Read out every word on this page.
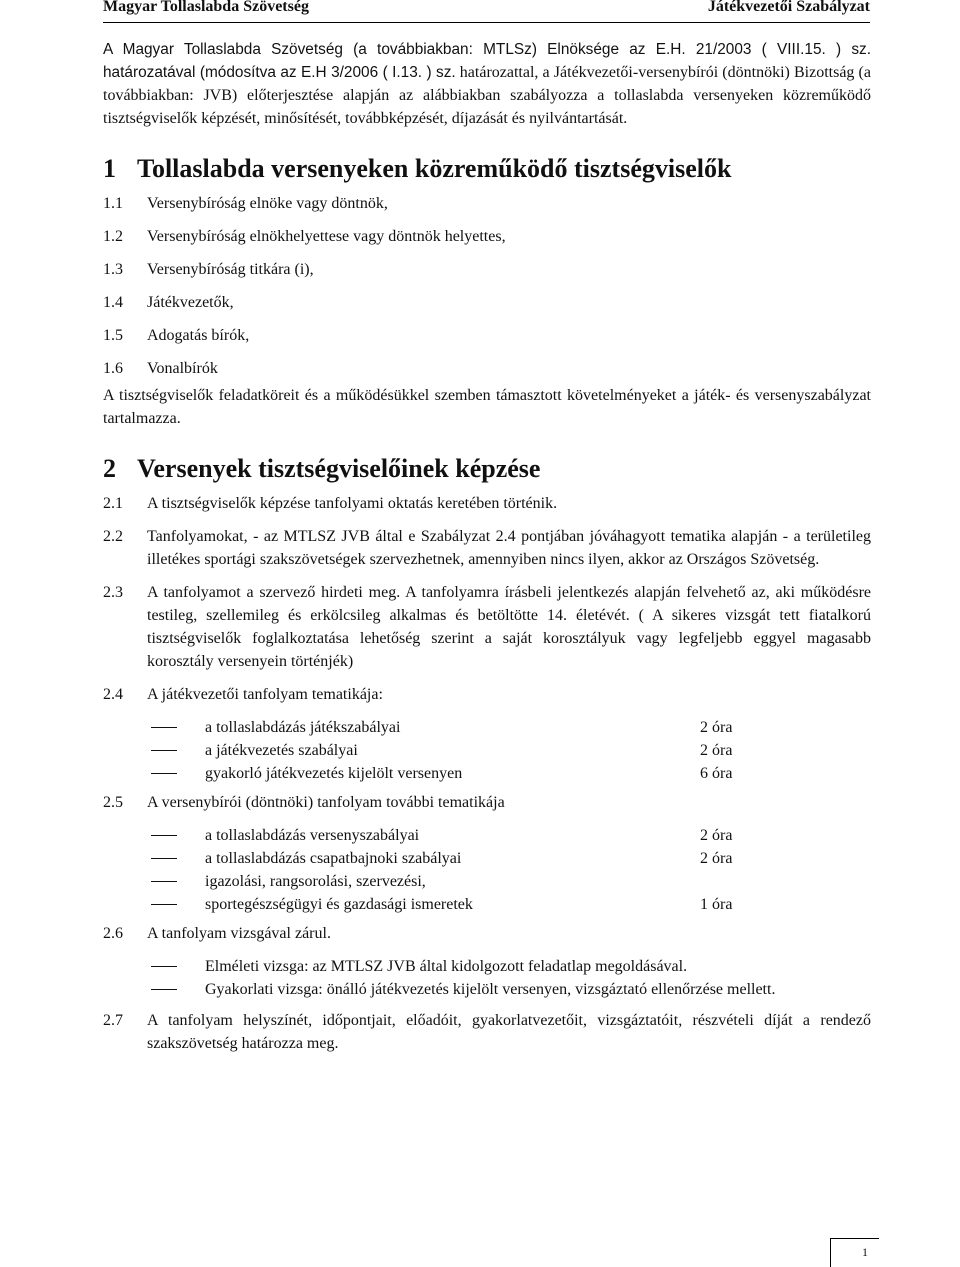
Magyar Tollaslabda Szövetség	Játékvezetői Szabályzat

A Magyar Tollaslabda Szövetség (a továbbiakban: MTLSz) Elnöksége az E.H. 21/2003 ( VIII.15. ) sz. határozatával (módosítva az E.H 3/2006 ( I.13. ) sz. határozattal, a Játékvezetői-versenybírói (döntnöki) Bizottság (a továbbiakban: JVB) előterjesztése alapján az alábbiakban szabályozza a tollaslabda versenyeken közreműködő tisztségviselők képzését, minősítését, továbbképzését, díjazását és nyilvántartását.

1 Tollaslabda versenyeken közreműködő tisztségviselők
1.1	Versenybíróság elnöke vagy döntnök,
1.2	Versenybíróság elnökhelyettese vagy döntnök helyettes,
1.3	Versenybíróság titkára (i),
1.4	Játékvezetők,
1.5	Adogatás bírók,
1.6	Vonalbírók

A tisztségviselők feladatköreit és a működésükkel szemben támasztott követelményeket a játék- és versenyszabályzat tartalmazza.

2 Versenyek tisztségviselőinek képzése
2.1	A tisztségviselők képzése tanfolyami oktatás keretében történik.
2.2	Tanfolyamokat, - az MTLSZ JVB által e Szabályzat 2.4 pontjában jóváhagyott tematika alapján - a területileg illetékes sportági szakszövetségek szervezhetnek, amennyiben nincs ilyen, akkor az Országos Szövetség.
2.3	A tanfolyamot a szervező hirdeti meg. A tanfolyamra írásbeli jelentkezés alapján felvehető az, aki működésre testileg, szellemileg és erkölcsileg alkalmas és betöltötte 14. életévét. ( A sikeres vizsgát tett fiatalkorú tisztségviselők foglalkoztatása lehetőség szerint a saját korosztályuk vagy legfeljebb eggyel magasabb korosztály versenyein történjék)
2.4	A játékvezetői tanfolyam tematikája:
a tollaslabdázás játékszabályai	2 óra
a játékvezetés szabályai	2 óra
gyakorló játékvezetés kijelölt versenyen	6 óra
2.5	A versenybírói (döntnöki) tanfolyam további tematikája
a tollaslabdázás versenyszabályai	2 óra
a tollaslabdázás csapatbajnoki szabályai	2 óra
igazolási, rangsorolási, szervezési,
sportegészségügyi és gazdasági ismeretek	1 óra
2.6	A tanfolyam vizsgával zárul.
Elméleti vizsga: az MTLSZ JVB által kidolgozott feladatlap megoldásával.
Gyakorlati vizsga: önálló játékvezetés kijelölt versenyen, vizsgáztató ellenőrzése mellett.
2.7	A tanfolyam helyszínét, időpontjait, előadóit, gyakorlatvezetőit, vizsgáztatóit, részvételi díját a rendező szakszövetség határozza meg.
1
